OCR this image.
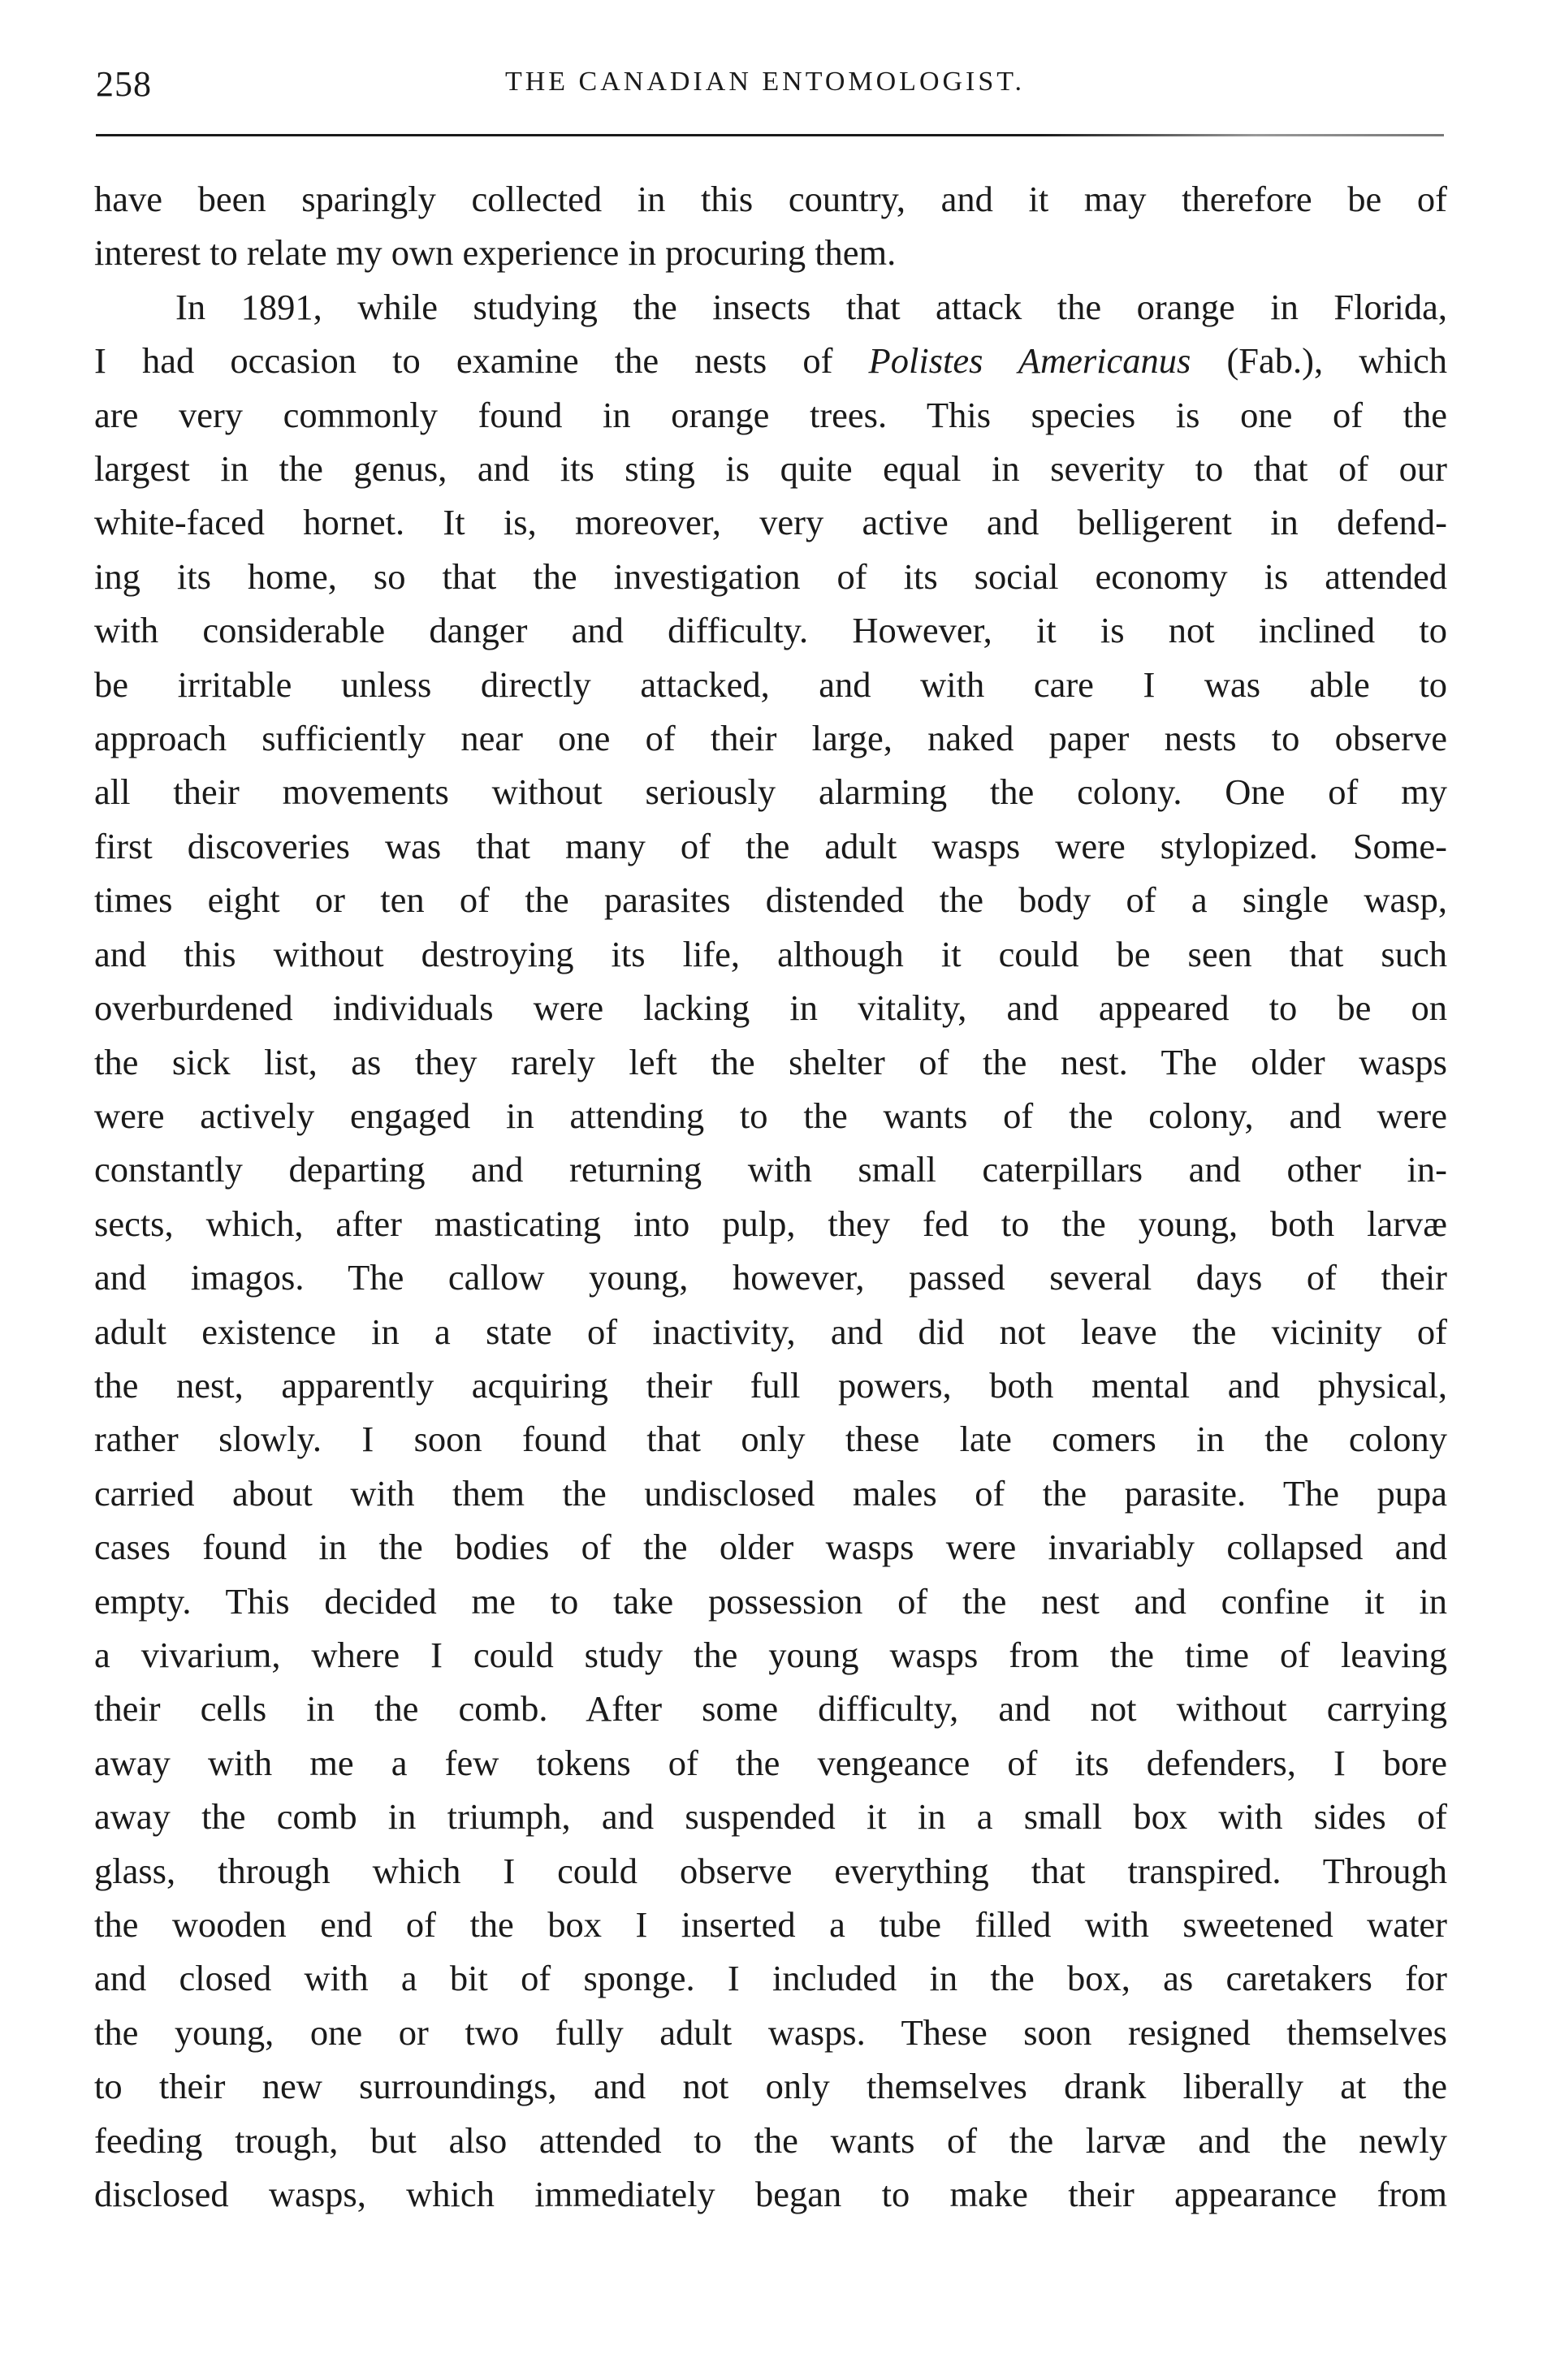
258	THE CANADIAN ENTOMOLOGIST.
have been sparingly collected in this country, and it may therefore be of
interest to relate my own experience in procuring them.
In 1891, while studying the insects that attack the orange in Florida,
I had occasion to examine the nests of Polistes Americanus (Fab.), which
are very commonly found in orange trees. This species is one of the
largest in the genus, and its sting is quite equal in severity to that of our
white-faced hornet. It is, moreover, very active and belligerent in defend-
ing its home, so that the investigation of its social economy is attended
with considerable danger and difficulty. However, it is not inclined to
be irritable unless directly attacked, and with care I was able to
approach sufficiently near one of their large, naked paper nests to observe
all their movements without seriously alarming the colony. One of my
first discoveries was that many of the adult wasps were stylopized. Some-
times eight or ten of the parasites distended the body of a single wasp,
and this without destroying its life, although it could be seen that such
overburdened individuals were lacking in vitality, and appeared to be on
the sick list, as they rarely left the shelter of the nest. The older wasps
were actively engaged in attending to the wants of the colony, and were
constantly departing and returning with small caterpillars and other in-
sects, which, after masticating into pulp, they fed to the young, both larvæ
and imagos. The callow young, however, passed several days of their
adult existence in a state of inactivity, and did not leave the vicinity of
the nest, apparently acquiring their full powers, both mental and physical,
rather slowly. I soon found that only these late comers in the colony
carried about with them the undisclosed males of the parasite. The pupa
cases found in the bodies of the older wasps were invariably collapsed and
empty. This decided me to take possession of the nest and confine it in
a vivarium, where I could study the young wasps from the time of leaving
their cells in the comb. After some difficulty, and not without carrying
away with me a few tokens of the vengeance of its defenders, I bore
away the comb in triumph, and suspended it in a small box with sides of
glass, through which I could observe everything that transpired. Through
the wooden end of the box I inserted a tube filled with sweetened water
and closed with a bit of sponge. I included in the box, as caretakers for
the young, one or two fully adult wasps. These soon resigned themselves
to their new surroundings, and not only themselves drank liberally at the
feeding trough, but also attended to the wants of the larvæ and the newly
disclosed wasps, which immediately began to make their appearance from
